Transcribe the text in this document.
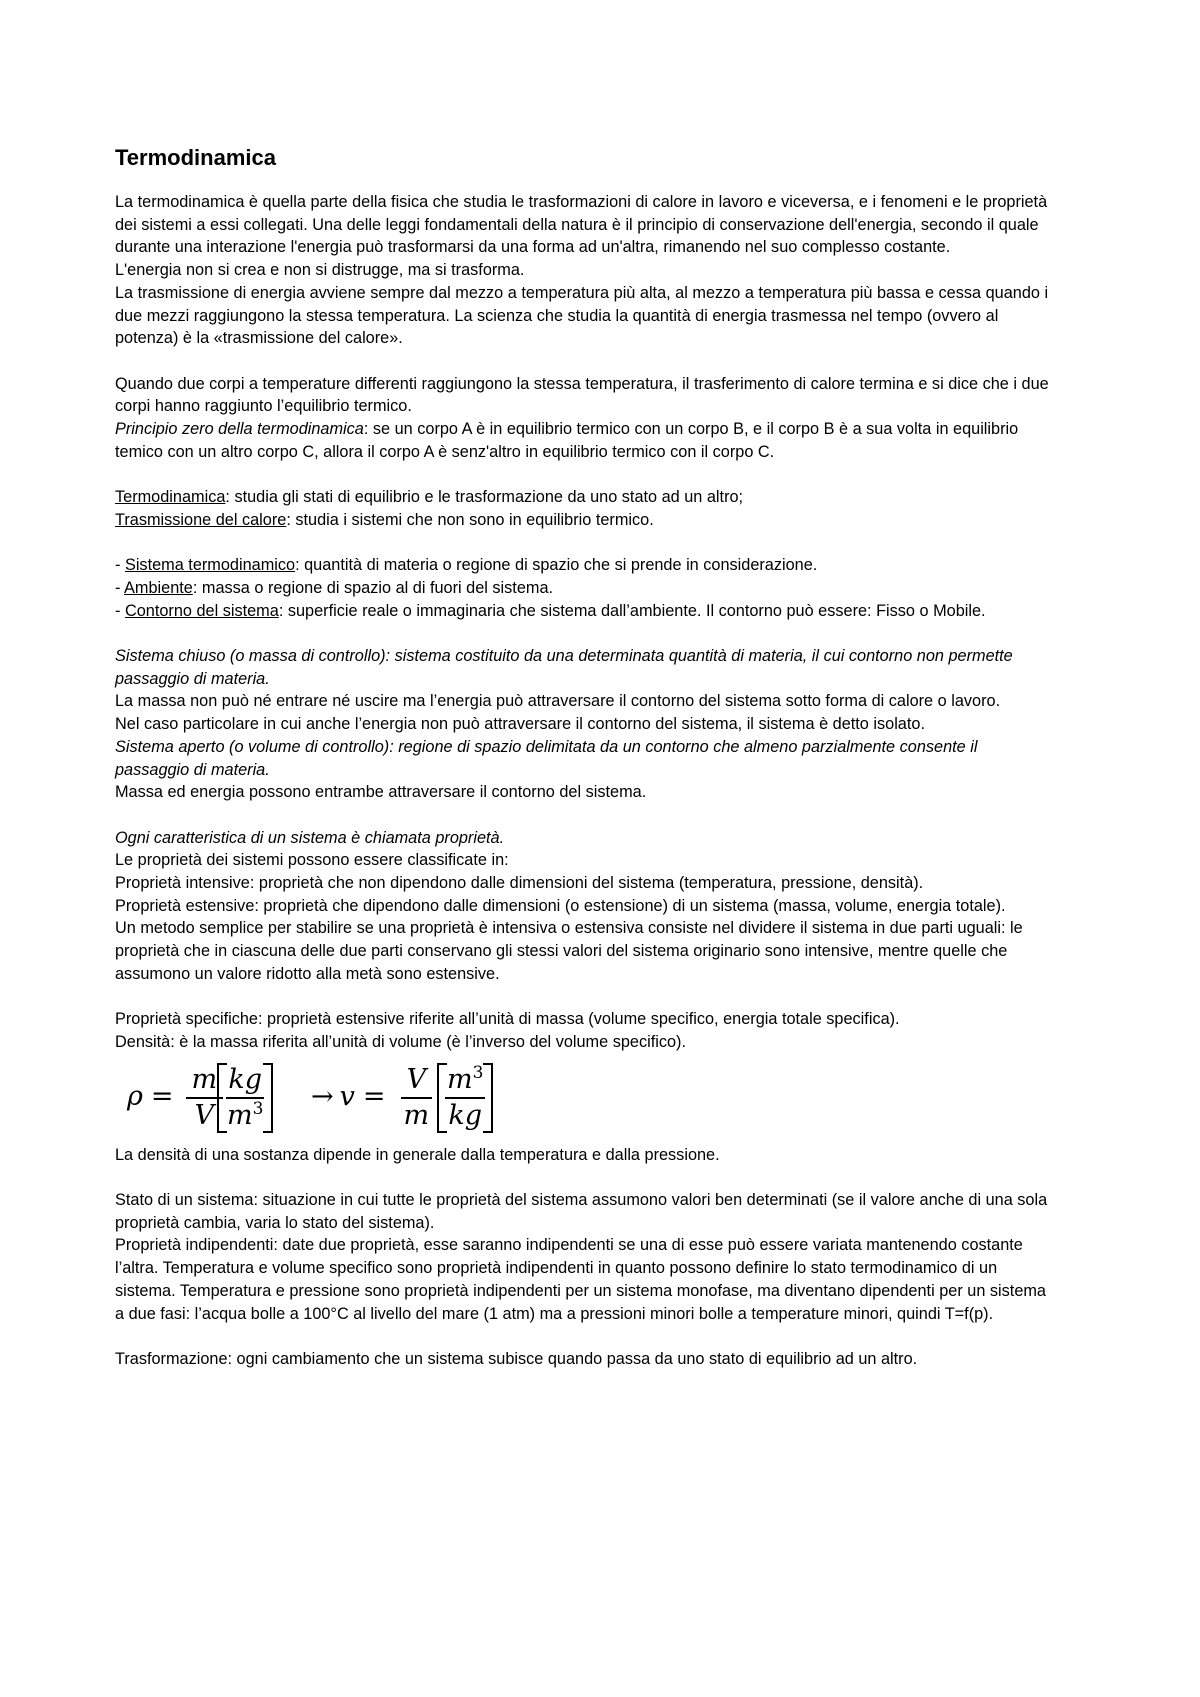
Termodinamica

La termodinamica è quella parte della fisica che studia le trasformazioni di calore in lavoro e viceversa, e i fenomeni e le proprietà dei sistemi a essi collegati. Una delle leggi fondamentali della natura è il principio di conservazione dell'energia, secondo il quale durante una interazione l'energia può trasformarsi da una forma ad un'altra, rimanendo nel suo complesso costante.

L'energia non si crea e non si distrugge, ma si trasforma.

La trasmissione di energia avviene sempre dal mezzo a temperatura più alta, al mezzo a temperatura più bassa e cessa quando i due mezzi raggiungono la stessa temperatura. La scienza che studia la quantità di energia trasmessa nel tempo (ovvero al potenza) è la «trasmissione del calore».

Quando due corpi a temperature differenti raggiungono la stessa temperatura, il trasferimento di calore termina e si dice che i due corpi hanno raggiunto l’equilibrio termico.

Principio zero della termodinamica: se un corpo A è in equilibrio termico con un corpo B, e il corpo B è a sua volta in equilibrio temico con un altro corpo C, allora il corpo A è senz'altro in equilibrio termico con il corpo C.

Termodinamica: studia gli stati di equilibrio e le trasformazione da uno stato ad un altro;

Trasmissione del calore: studia i sistemi che non sono in equilibrio termico.

- Sistema termodinamico: quantità di materia o regione di spazio che si prende in considerazione.

- Ambiente: massa o regione di spazio al di fuori del sistema.

- Contorno del sistema: superficie reale o immaginaria che sistema dall’ambiente. Il contorno può essere: Fisso o Mobile.

Sistema chiuso (o massa di controllo): sistema costituito da una determinata quantità di materia, il cui contorno non permette passaggio di materia.

La massa non può né entrare né uscire ma l’energia può attraversare il contorno del sistema sotto forma di calore o lavoro.

Nel caso particolare in cui anche l’energia non può attraversare il contorno del sistema, il sistema è detto isolato.

Sistema aperto (o volume di controllo): regione di spazio delimitata da un contorno che almeno parzialmente consente il passaggio di materia.

Massa ed energia possono entrambe attraversare il contorno del sistema.

Ogni caratteristica di un sistema è chiamata proprietà.

Le proprietà dei sistemi possono essere classificate in:

Proprietà intensive: proprietà che non dipendono dalle dimensioni del sistema (temperatura, pressione, densità).

Proprietà estensive: proprietà che dipendono dalle dimensioni (o estensione) di un sistema (massa, volume, energia totale).

Un metodo semplice per stabilire se una proprietà è intensiva o estensiva consiste nel dividere il sistema in due parti uguali: le proprietà che in ciascuna delle due parti conservano gli stessi valori del sistema originario sono intensive, mentre quelle che assumono un valore ridotto alla metà sono estensive.

Proprietà specifiche: proprietà estensive riferite all’unità di massa (volume specifico, energia totale specifica).

Densità: è la massa riferita all’unità di volume (è l’inverso del volume specifico).

$\rho = \frac{m}{V}$
$\frac{kg}{m^3} \to v = \frac{V}{m} \frac{m^3}{kg}$

La densità di una sostanza dipende in generale dalla temperatura e dalla pressione.

Stato di un sistema: situazione in cui tutte le proprietà del sistema assumono valori ben determinati (se il valore anche di una sola proprietà cambia, varia lo stato del sistema).

Proprietà indipendenti: date due proprietà, esse saranno indipendenti se una di esse può essere variata mantenendo costante l’altra. Temperatura e volume specifico sono proprietà indipendenti in quanto possono definire lo stato termodinamico di un sistema. Temperatura e pressione sono proprietà indipendenti per un sistema monofase, ma diventano dipendenti per un sistema a due fasi: l’acqua bolle a 100°C al livello del mare (1 atm) ma a pressioni minori bolle a temperature minori, quindi T=f(p).

Trasformazione: ogni cambiamento che un sistema subisce quando passa da uno stato di equilibrio ad un altro.
